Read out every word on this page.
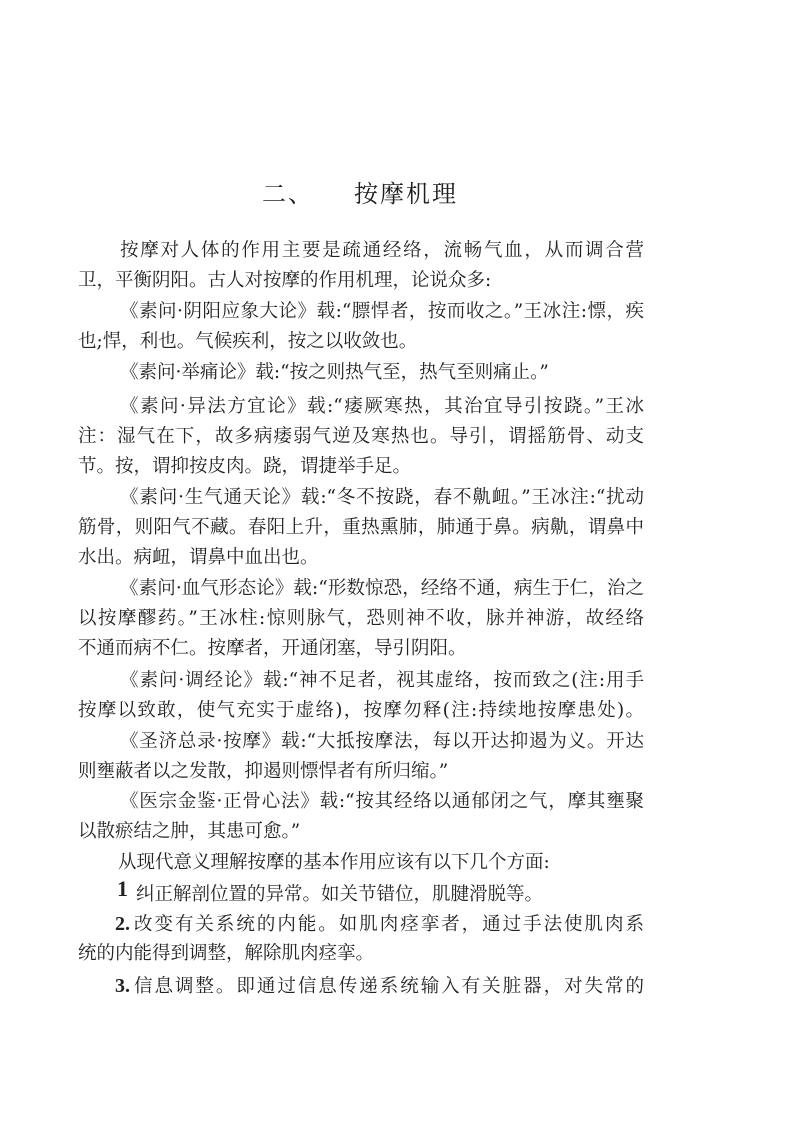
二、 按摩机理
按摩对人体的作用主要是疏通经络，流畅气血，从而调合营
卫，平衡阴阳。古人对按摩的作用机理，论说众多:
《素问·阴阳应象大论》载:“膘悍者，按而收之。”王冰注:慓，疾
也;悍，利也。气候疾利，按之以收敛也。
《素问·举痛论》载:“按之则热气至，热气至则痛止。”
《素问·异法方宜论》载:“痿厥寒热，其治宜导引按跷。”王冰
注：湿气在下，故多病痿弱气逆及寒热也。导引，谓摇筋骨、动支
节。按，谓抑按皮肉。跷，谓捷举手足。
《素问·生气通天论》载:“冬不按跷，春不鼽衄。”王冰注:“扰动
筋骨，则阳气不藏。春阳上升，重热熏肺，肺通于鼻。病鼽，谓鼻中
水出。病衄，谓鼻中血出也。
《素问·血气形态论》载:“形数惊恐，经络不通，病生于仁，治之
以按摩醪药。”王冰柱:惊则脉气，恐则神不收，脉并神游，故经络
不通而病不仁。按摩者，开通闭塞，导引阴阳。
《素问·调经论》载:“神不足者，视其虚络，按而致之(注:用手
按摩以致敢，使气充实于虚络)，按摩勿释(注:持续地按摩患处)。
《圣济总录·按摩》载:“大抵按摩法，每以开达抑遏为义。开达
则壅蔽者以之发散，抑遏则慓悍者有所归缩。”
《医宗金鉴·正骨心法》载:“按其经络以通郁闭之气，摩其壅聚
以散瘀结之肿，其患可愈。”
从现代意义理解按摩的基本作用应该有以下几个方面:
1 纠正解剖位置的异常。如关节错位，肌腱滑脱等。
2. 改变有关系统的内能。如肌肉痉挛者，通过手法使肌肉系
统的内能得到调整，解除肌肉痉挛。
3. 信息调整。即通过信息传递系统输入有关脏器，对失常的
